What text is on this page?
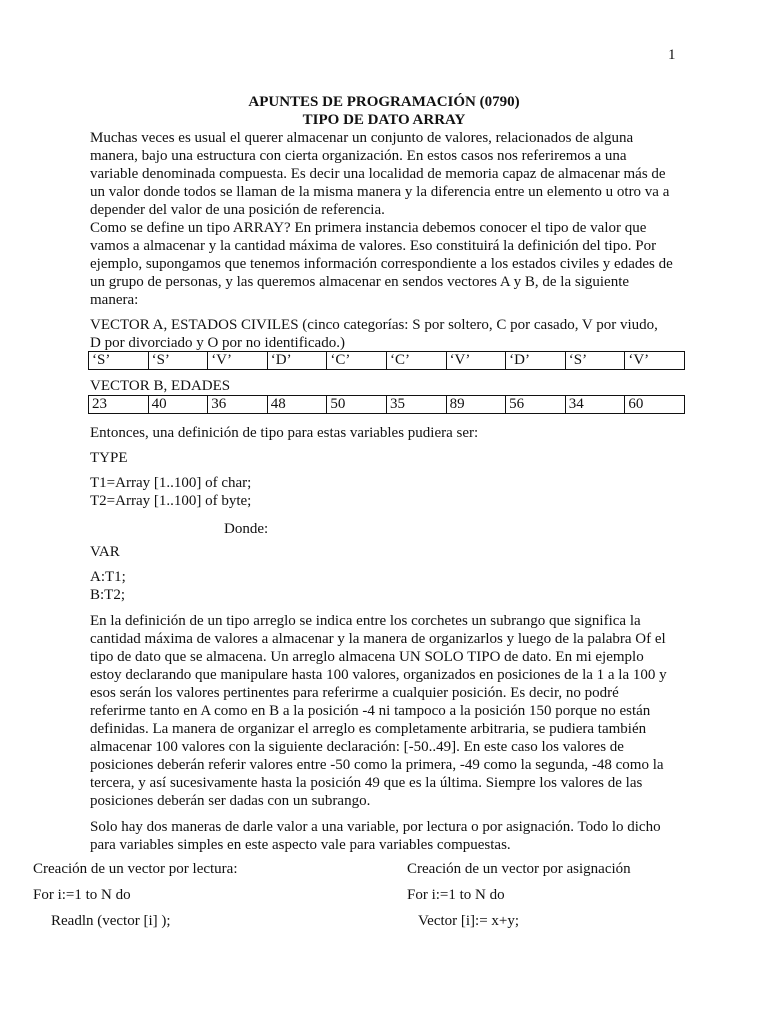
1
APUNTES DE PROGRAMACIÓN (0790)
TIPO DE DATO ARRAY
Muchas veces es usual el querer almacenar un conjunto de valores, relacionados de alguna
manera, bajo una estructura con cierta organización. En estos casos nos referiremos a una
variable denominada compuesta. Es decir una localidad de memoria capaz de almacenar más de
un valor donde todos se llaman de la misma manera y la diferencia entre un elemento u otro va a
depender del valor de una posición de referencia.
Como se define un tipo ARRAY? En primera instancia debemos conocer el tipo de valor que
vamos a almacenar y la cantidad máxima de valores. Eso constituirá la definición del tipo. Por
ejemplo, supongamos que tenemos información correspondiente a los estados civiles y edades de
un grupo de personas, y las queremos almacenar en sendos vectores A y B, de la siguiente
manera:
VECTOR A, ESTADOS CIVILES (cinco categorías: S por soltero, C por casado, V por viudo,
D por divorciado y O por no identificado.)
‘S’	‘S’	‘V’	‘D’	‘C’	‘C’	‘V’	‘D’	‘S’	‘V’
VECTOR B, EDADES
23	40	36	48	50	35	89	56	34	60
Entonces, una definición de tipo para estas variables pudiera ser:
TYPE
T1=Array [1..100] of char;
T2=Array [1..100] of byte;
Donde:
VAR
A:T1;
B:T2;
En la definición de un tipo arreglo se indica entre los corchetes un subrango que significa la
cantidad máxima de valores a almacenar y la manera de organizarlos y luego de la palabra Of el
tipo de dato que se almacena. Un arreglo almacena UN SOLO TIPO de dato. En mi ejemplo
estoy declarando que manipulare hasta 100 valores, organizados en posiciones de la 1 a la 100 y
esos serán los valores pertinentes para referirme a cualquier posición. Es decir, no podré
referirme tanto en A como en B a la posición -4 ni tampoco a la posición 150 porque no están
definidas. La manera de organizar el arreglo es completamente arbitraria, se pudiera también
almacenar 100 valores con la siguiente declaración: [-50..49]. En este caso los valores de
posiciones deberán referir valores entre -50 como la primera, -49 como la segunda, -48 como la
tercera, y así sucesivamente hasta la posición 49 que es la última. Siempre los valores de las
posiciones deberán ser dadas con un subrango.
Solo hay dos maneras de darle valor a una variable, por lectura o por asignación. Todo lo dicho
para variables simples en este aspecto vale para variables compuestas.
Creación de un vector por lectura:
For i:=1 to N do
Readln (vector [i] );
Creación de un vector por asignación
For i:=1 to N do
Vector [i]:= x+y;
